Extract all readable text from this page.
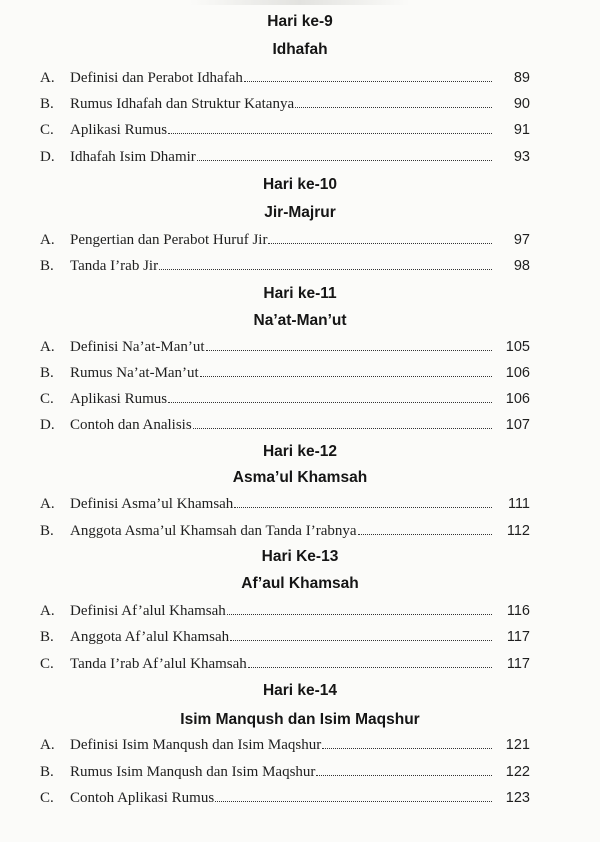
Hari ke-9
Idhafah
A.	Definisi dan Perabot Idhafah	89
B.	Rumus Idhafah dan Struktur Katanya	90
C.	Aplikasi Rumus	91
D.	Idhafah Isim Dhamir	93
Hari ke-10
Jir-Majrur
A.	Pengertian dan Perabot Huruf Jir	97
B.	Tanda I’rab Jir	98
Hari ke-11
Na’at-Man’ut
A.	Definisi Na’at-Man’ut	105
B.	Rumus Na’at-Man’ut	106
C.	Aplikasi Rumus	106
D.	Contoh dan Analisis	107
Hari ke-12
Asma’ul Khamsah
A.	Definisi Asma’ul Khamsah	111
B.	Anggota Asma’ul Khamsah dan Tanda I’rabnya	112
Hari Ke-13
Af’aul Khamsah
A.	Definisi Af’alul Khamsah	116
B.	Anggota Af’alul Khamsah	117
C.	Tanda I’rab Af’alul Khamsah	117
Hari ke-14
Isim Manqush dan Isim Maqshur
A.	Definisi Isim Manqush dan Isim Maqshur	121
B.	Rumus Isim Manqush dan Isim Maqshur	122
C.	Contoh Aplikasi Rumus	123
